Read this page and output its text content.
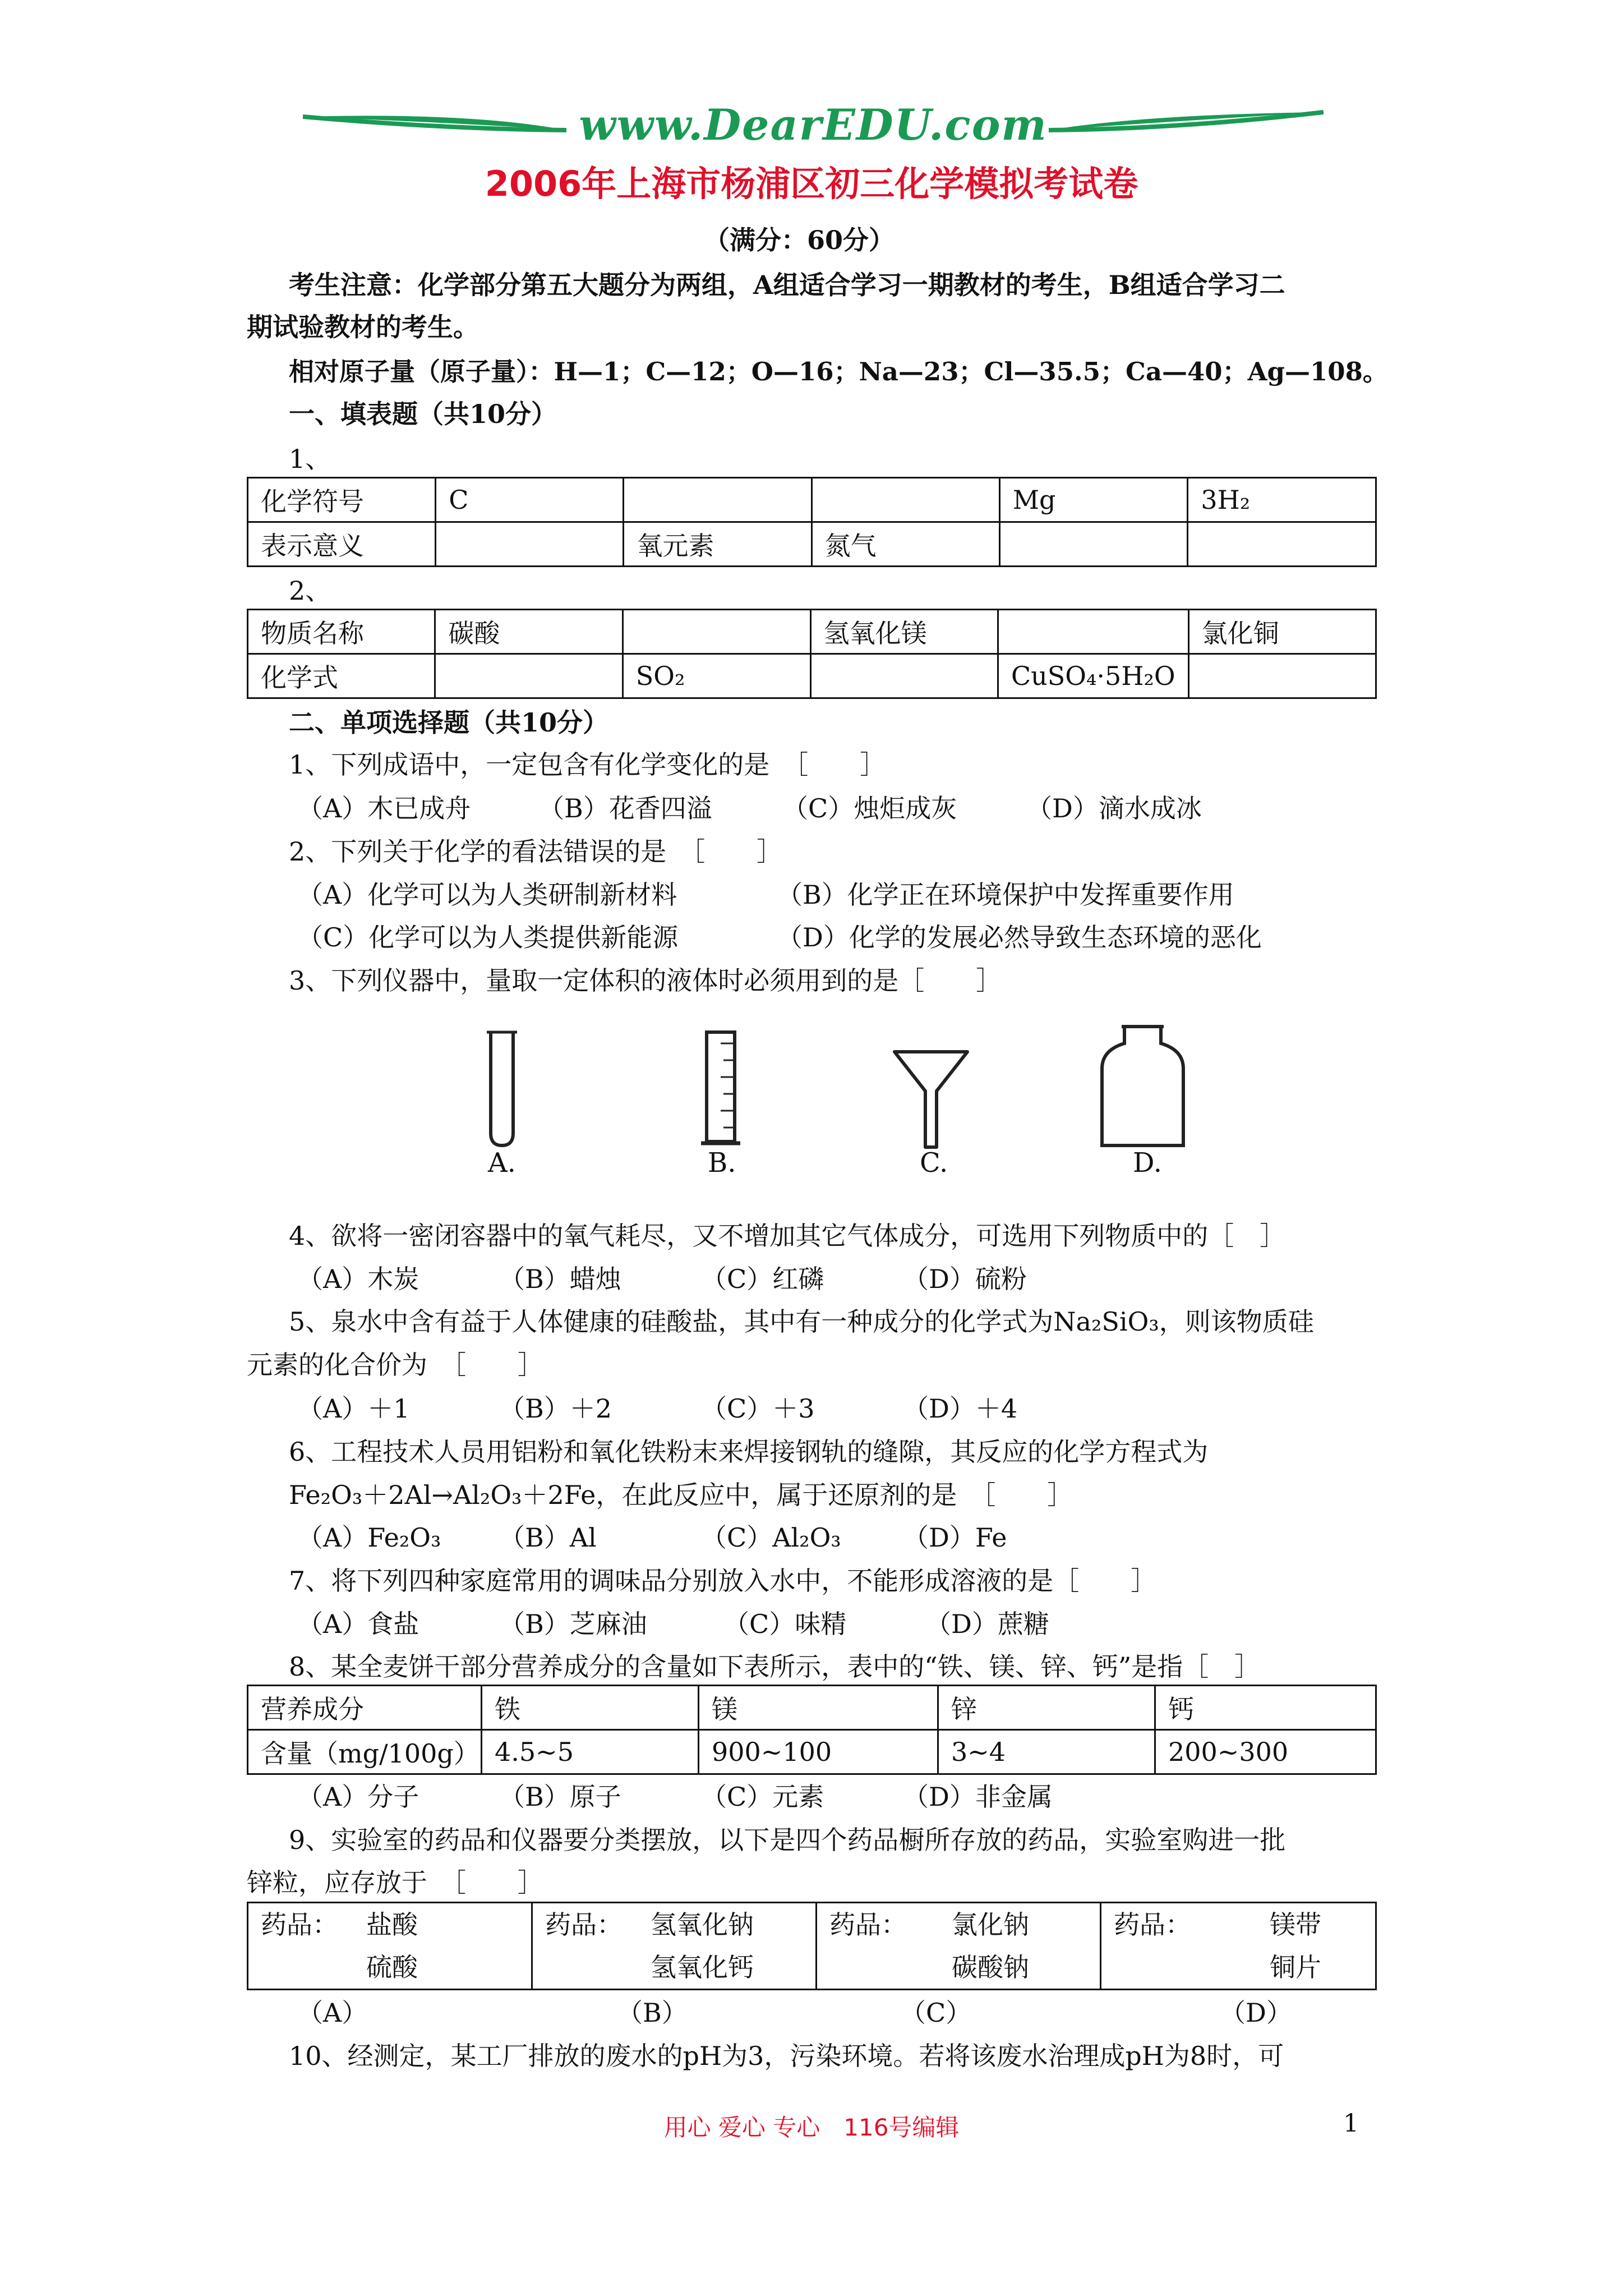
www.DearEDU.com
2006年上海市杨浦区初三化学模拟考试卷
（满分：60分）
考生注意：化学部分第五大题分为两组，A组适合学习一期教材的考生，B组适合学习二
期试验教材的考生。
相对原子量（原子量）：H—1；C—12；O—16；Na—23；Cl—35.5；Ca—40；Ag—108。
一、填表题（共10分）
1、
化学符号	C			Mg	3H₂
表示意义		氧元素	氮气		
2、
物质名称	碳酸		氢氧化镁		氯化铜
化学式		SO₂		CuSO₄·5H₂O	
二、单项选择题（共10分）
1、下列成语中，一定包含有化学变化的是　［　　］
（A）木已成舟	（B）花香四溢	（C）烛炬成灰	（D）滴水成冰
2、下列关于化学的看法错误的是　［　　］
（A）化学可以为人类研制新材料	（B）化学正在环境保护中发挥重要作用
（C）化学可以为人类提供新能源	（D）化学的发展必然导致生态环境的恶化
3、下列仪器中，量取一定体积的液体时必须用到的是［　　］
A.	B.	C.	D.
4、欲将一密闭容器中的氧气耗尽，又不增加其它气体成分，可选用下列物质中的［　］
（A）木炭	（B）蜡烛	（C）红磷	（D）硫粉
5、泉水中含有益于人体健康的硅酸盐，其中有一种成分的化学式为Na₂SiO₃，则该物质硅
元素的化合价为　［　　］
（A）＋1	（B）＋2	（C）＋3	（D）＋4
6、工程技术人员用铝粉和氧化铁粉末来焊接钢轨的缝隙，其反应的化学方程式为
Fe₂O₃＋2Al→Al₂O₃＋2Fe，在此反应中，属于还原剂的是　［　　］
（A）Fe₂O₃ （B）Al	（C）Al₂O₃ （D）Fe
7、将下列四种家庭常用的调味品分别放入水中，不能形成溶液的是［　　］
（A）食盐	（B）芝麻油	（C）味精	（D）蔗糖
8、某全麦饼干部分营养成分的含量如下表所示，表中的“铁、镁、锌、钙”是指［　］
营养成分	铁	镁	锌	钙
含量（mg/100g）	4.5~5	900~100	3~4	200~300
（A）分子	（B）原子	（C）元素	（D）非金属
9、实验室的药品和仪器要分类摆放，以下是四个药品橱所存放的药品，实验室购进一批
锌粒，应存放于　［　　］
药品： 盐酸
硫酸

药品： 氢氧化钠
氢氧化钙

药品： 氯化钠
碳酸钠

药品：	镁带
铜片
（A）	（B）	（C）	（D）
10、经测定，某工厂排放的废水的pH为3，污染环境。若将该废水治理成pH为8时，可
用心 爱心 专心　116号编辑	1
